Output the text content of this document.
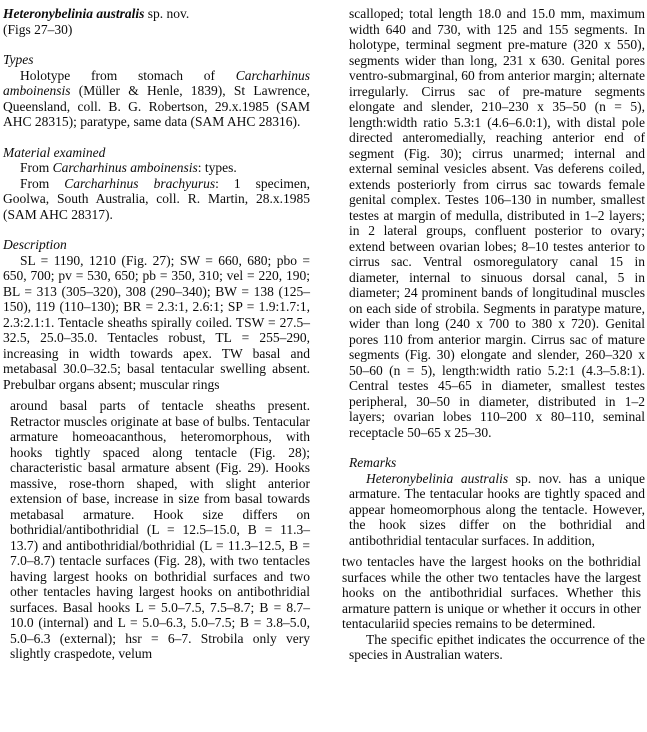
Heteronybelinia australis sp. nov.
(Figs 27–30)
Types
Holotype from stomach of Carcharhinus amboinensis (Müller & Henle, 1839), St Lawrence, Queensland, coll. B. G. Robertson, 29.x.1985 (SAM AHC 28315); paratype, same data (SAM AHC 28316).
Material examined
From Carcharhinus amboinensis: types.
From Carcharhinus brachyurus: 1 specimen, Goolwa, South Australia, coll. R. Martin, 28.x.1985 (SAM AHC 28317).
Description
SL = 1190, 1210 (Fig. 27); SW = 660, 680; pbo = 650, 700; pv = 530, 650; pb = 350, 310; vel = 220, 190; BL = 313 (305–320), 308 (290–340); BW = 138 (125–150), 119 (110–130); BR = 2.3:1, 2.6:1; SP = 1.9:1.7:1, 2.3:2.1:1. Tentacle sheaths spirally coiled. TSW = 27.5–32.5, 25.0–35.0. Tentacles robust, TL = 255–290, increasing in width towards apex. TW basal and metabasal 30.0–32.5; basal tentacular swelling absent. Prebulbar organs absent; muscular rings
around basal parts of tentacle sheaths present. Retractor muscles originate at base of bulbs. Tentacular armature homeoacanthous, heteromorphous, with hooks tightly spaced along tentacle (Fig. 28); characteristic basal armature absent (Fig. 29). Hooks massive, rose-thorn shaped, with slight anterior extension of base, increase in size from basal towards metabasal armature. Hook size differs on bothridial/antibothridial (L = 12.5–15.0, B = 11.3–13.7) and antibothridial/bothridial (L = 11.3–12.5, B = 7.0–8.7) tentacle surfaces (Fig. 28), with two tentacles having largest hooks on bothridial surfaces and two other tentacles having largest hooks on antibothridial surfaces. Basal hooks L = 5.0–7.5, 7.5–8.7; B = 8.7–10.0 (internal) and L = 5.0–6.3, 5.0–7.5; B = 3.8–5.0, 5.0–6.3 (external); hsr = 6–7. Strobila only very slightly craspedote, velum
scalloped; total length 18.0 and 15.0 mm, maximum width 640 and 730, with 125 and 155 segments. In holotype, terminal segment pre-mature (320 x 550), segments wider than long, 231 x 630. Genital pores ventro-submarginal, 60 from anterior margin; alternate irregularly. Cirrus sac of pre-mature segments elongate and slender, 210–230 x 35–50 (n = 5), length:width ratio 5.3:1 (4.6–6.0:1), with distal pole directed anteromedially, reaching anterior end of segment (Fig. 30); cirrus unarmed; internal and external seminal vesicles absent. Vas deferens coiled, extends posteriorly from cirrus sac towards female genital complex. Testes 106–130 in number, smallest testes at margin of medulla, distributed in 1–2 layers; in 2 lateral groups, confluent posterior to ovary; extend between ovarian lobes; 8–10 testes anterior to cirrus sac. Ventral osmoregulatory canal 15 in diameter, internal to sinuous dorsal canal, 5 in diameter; 24 prominent bands of longitudinal muscles on each side of strobila. Segments in paratype mature, wider than long (240 x 700 to 380 x 720). Genital pores 110 from anterior margin. Cirrus sac of mature segments (Fig. 30) elongate and slender, 260–320 x 50–60 (n = 5), length:width ratio 5.2:1 (4.3–5.8:1). Central testes 45–65 in diameter, smallest testes peripheral, 30–50 in diameter, distributed in 1–2 layers; ovarian lobes 110–200 x 80–110, seminal receptacle 50–65 x 25–30.
Remarks
Heteronybelinia australis sp. nov. has a unique armature. The tentacular hooks are tightly spaced and appear homeomorphous along the tentacle. However, the hook sizes differ on the bothridial and antibothridial tentacular surfaces. In addition,
two tentacles have the largest hooks on the bothridial surfaces while the other two tentacles have the largest hooks on the antibothridial surfaces. Whether this armature pattern is unique or whether it occurs in other tentaculariid species remains to be determined.
The specific epithet indicates the occurrence of the species in Australian waters.
